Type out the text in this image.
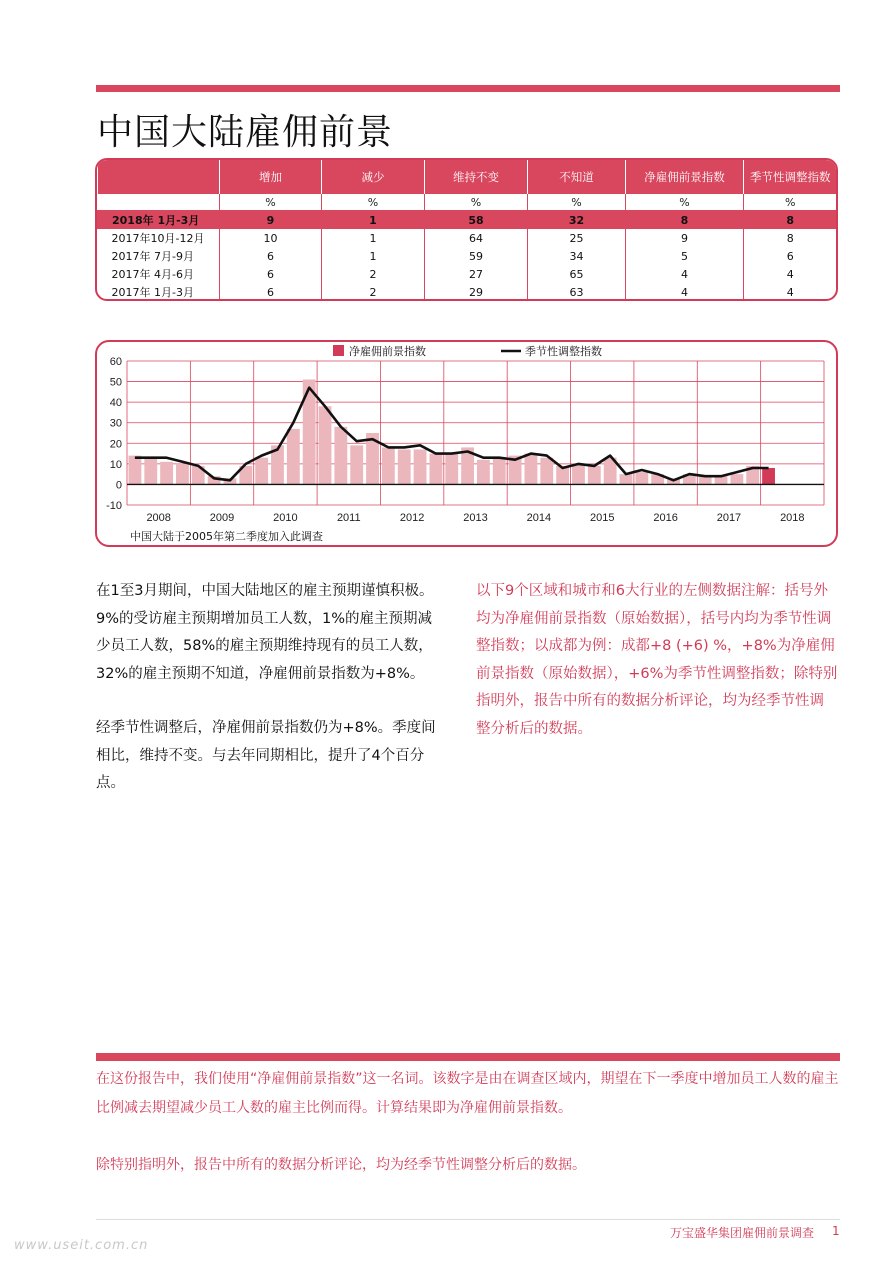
中国大陆雇佣前景
	增加	减少	维持不变	不知道	净雇佣前景指数	季节性调整指数
	%	%	%	%	%	%
2018年 1月-3月	9	1	58	32	8	8
2017年10月-12月	10	1	64	25	9	8
2017年 7月-9月	6	1	59	34	5	6
2017年 4月-6月	6	2	27	65	4	4
2017年 1月-3月	6	2	29	63	4	4
60
50
40
30
20
10
0
-10
2008	2009	2010	2011	2012	2013	2014	2015	2016	2017	2018
净雇佣前景指数	季节性调整指数
中国大陆于2005年第二季度加入此调查

在1至3月期间，中国大陆地区的雇主预期谨慎积极。9%的受访雇主预期增加员工人数，1%的雇主预期减少员工人数，58%的雇主预期维持现有的员工人数，32%的雇主预期不知道，净雇佣前景指数为+8%。

经季节性调整后，净雇佣前景指数仍为+8%。季度间相比，维持不变。与去年同期相比，提升了4个百分点。

以下9个区域和城市和6大行业的左侧数据注解：括号外均为净雇佣前景指数（原始数据），括号内均为季节性调整指数；以成都为例：成都+8 (+6) %，+8%为净雇佣前景指数（原始数据），+6%为季节性调整指数；除特别指明外，报告中所有的数据分析评论，均为经季节性调整分析后的数据。

在这份报告中，我们使用“净雇佣前景指数”这一名词。该数字是由在调查区域内，期望在下一季度中增加员工人数的雇主比例减去期望减少员工人数的雇主比例而得。计算结果即为净雇佣前景指数。

除特别指明外，报告中所有的数据分析评论，均为经季节性调整分析后的数据。

万宝盛华集团雇佣前景调查 1
www.useit.com.cn
